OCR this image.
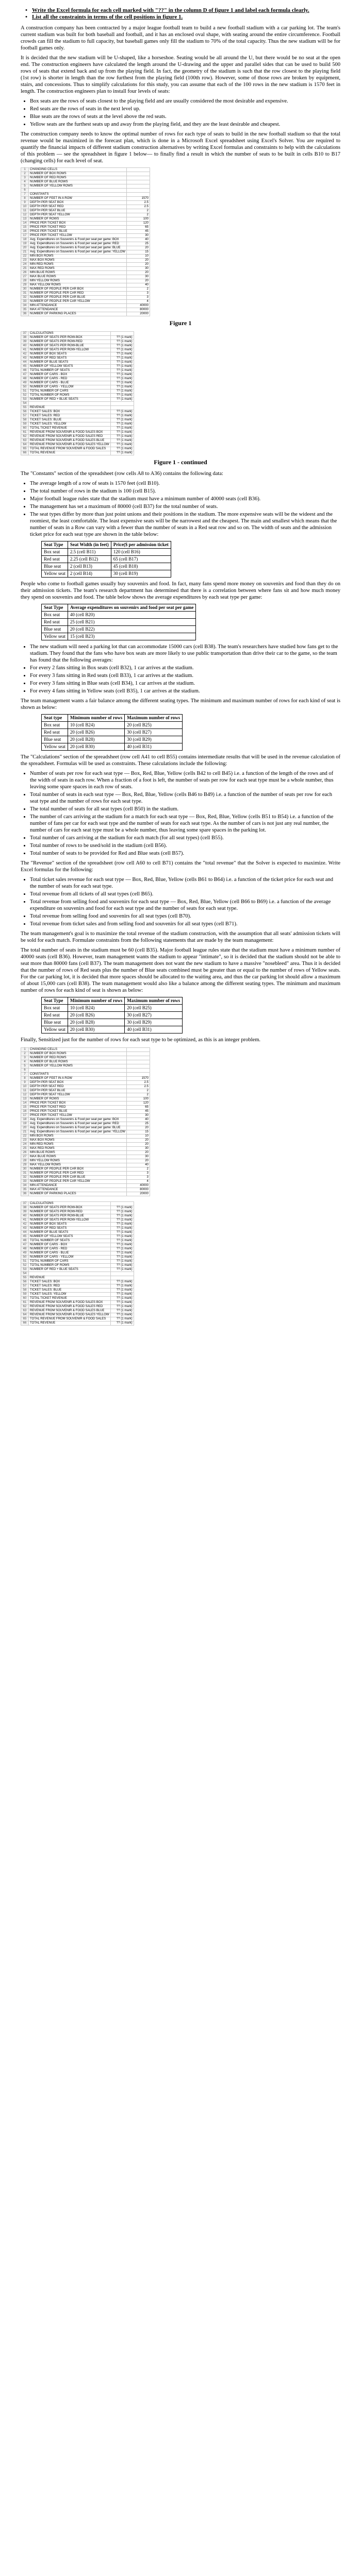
• Write the Excel formula for each cell marked with "??" in the column D of figure 1 and label each formula clearly.
• List all the constraints in terms of the cell positions in figure 1.

A construction company has been contracted by a major league football team to build a new football stadium with a car parking lot. The team's current stadium was built for both baseball and football, and it has an enclosed oval shape, with seating around the entire circumference. Football crowds can fill the stadium to full capacity, but baseball games only fill the stadium to 70% of the total capacity. Thus the new stadium will be for football games only.

It is decided that the new stadium will be U-shaped, like a horseshoe. Seating would be all around the U, but there would be no seat at the open end. The construction engineers have calculated the length around the U-drawing and the upper and parallel sides that can be used to build 500 rows of seats that extend back and up from the playing field. In fact, the geometry of the stadium is such that the row closest to the playing field (1st row) is shorter in length than the row furthest from the playing field (100th row). However, some of those rows are broken by equipment, stairs, and concessions. Thus to simplify calculations for this study, you can assume that each of the 100 rows in the new stadium is 1570 feet in length. The construction engineers plan to install four levels of seats:

• Box seats are the rows of seats closest to the playing field and are usually considered the most desirable and expensive.
• Red seats are the rows of seats in the next level up.
• Blue seats are the rows of seats at the level above the red seats.
• Yellow seats are the furthest seats up and away from the playing field, and they are the least desirable and cheapest.

The construction company needs to know the optimal number of rows for each type of seats to build in the new football stadium so that the total revenue would be maximized in the forecast plan, which is done in a Microsoft Excel spreadsheet using Excel's Solver. You are required to quantify the financial impacts of different stadium construction alternatives by writing Excel formulas and constraints to help with the calculations of this problem — see the spreadsheet in figure 1 below— to finally find a result in which the number of seats to be built in cells B10 to B17 (changing cells) for each level of seat.

1	CHANGING CELLS	
2	NUMBER OF BOX ROWS	
3	NUMBER OF RED ROWS	
4	NUMBER OF BLUE ROWS	
5	NUMBER OF YELLOW ROWS	
6		
7	CONSTANTS	
8	NUMBER OF FEET IN A ROW	1570
9	DEPTH PER SEAT BOX	2.5
10	DEPTH PER SEAT RED	2.5
11	DEPTH PER SEAT BLUE	2
12	DEPTH PER SEAT YELLOW	2
13	NUMBER OF ROWS	100
14	PRICE PER TICKET BOX	120
15	PRICE PER TICKET RED	65
16	PRICE PER TICKET BLUE	45
17	PRICE PER TICKET YELLOW	30
18	Avg. Expenditures on Souvenirs & Food per seat per game: BOX	40
19	Avg. Expenditures on Souvenirs & Food per seat per game: RED	25
20	Avg. Expenditures on Souvenirs & Food per seat per game: BLUE	20
21	Avg. Expenditures on Souvenirs & Food per seat per game: YELLOW	15
22	MIN BOX ROWS	10
23	MAX BOX ROWS	20
24	MIN RED ROWS	20
25	MAX RED ROWS	30
26	MIN BLUE ROWS	20
27	MAX BLUE ROWS	30
28	MIN YELLOW ROWS	20
29	MAX YELLOW ROWS	40
30	NUMBER OF PEOPLE PER CAR BOX	2
31	NUMBER OF PEOPLE PER CAR RED	3
32	NUMBER OF PEOPLE PER CAR BLUE	3
33	NUMBER OF PEOPLE PER CAR YELLOW	4
34	MIN ATTENDANCE	40000
35	MAX ATTENDANCE	80000
36	NUMBER OF PARKING PLACES	20000
Figure 1
37	CALCULATIONS	
38	NUMBER OF SEATS PER ROW-BOX	?? (1 mark)
39	NUMBER OF SEATS PER ROW-RED	?? (1 mark)
40	NUMBER OF SEATS PER ROW-BLUE	?? (1 mark)
41	NUMBER OF SEATS PER ROW-YELLOW	?? (1 mark)
42	NUMBER OF BOX SEATS	?? (1 mark)
43	NUMBER OF RED SEATS	?? (1 mark)
44	NUMBER OF BLUE SEATS	?? (1 mark)
45	NUMBER OF YELLOW SEATS	?? (1 mark)
46	TOTAL NUMBER OF SEATS	?? (1 mark)
47	NUMBER OF CARS - BOX	?? (1 mark)
48	NUMBER OF CARS - RED	?? (1 mark)
49	NUMBER OF CARS - BLUE	?? (1 mark)
50	NUMBER OF CARS - YELLOW	?? (1 mark)
51	TOTAL NUMBER OF CARS	?? (1 mark)
52	TOTAL NUMBER OF ROWS	?? (1 mark)
53	NUMBER OF RED + BLUE SEATS	?? (1 mark)
54		
55	REVENUE	
56	TICKET SALES: BOX	?? (1 mark)
57	TICKET SALES: RED	?? (1 mark)
58	TICKET SALES: BLUE	?? (1 mark)
59	TICKET SALES: YELLOW	?? (1 mark)
60	TOTAL TICKET REVENUE	?? (1 mark)
61	REVENUE FROM SOUVENIR & FOOD SALES BOX	?? (1 mark)
62	REVENUE FROM SOUVENIR & FOOD SALES RED	?? (1 mark)
63	REVENUE FROM SOUVENIR & FOOD SALES BLUE	?? (1 mark)
64	REVENUE FROM SOUVENIR & FOOD SALES YELLOW	?? (1 mark)
65	TOTAL REVENUE FROM SOUVENIR & FOOD SALES	?? (1 mark)
66	TOTAL REVENUE	?? (1 mark)
Figure 1 - continued

The "Constants" section of the spreadsheet (row cells A8 to A36) contains the following data:

• The average length of a row of seats is 1570 feet (cell B10).
• The total number of rows in the stadium is 100 (cell B15).
• Major football league rules state that the stadium must have a minimum number of 40000 seats (cell B36).
• The management has set a maximum of 80000 (cell B37) for the total number of seats.
• The seat types differ by more than just point unions and their positions in the stadium. The more expensive seats will be the wideest and the roomiest, the least comfortable. The least expensive seats will be the narrowest and the cheapest. The main and smallest which means that the number of seats in a Row can vary with a fewer than the number of seats in a Red seat row and so on. The width of seats and the admission ticket price for each seat type are shown in the table below:
Seat Type	Seat Width (in feet)	Price($ per admission ticket
Box seat	2.5 (cell B11)	120 (cell B16)
Red seat	2.25 (cell B12)	65 (cell B17)
Blue seat	2 (cell B13)	45 (cell B18)
Yellow seat	2 (cell B14)	30 (cell B19)

People who come to football games usually buy souvenirs and food. In fact, many fans spend more money on souvenirs and food than they do on their admission tickets. The team's research department has determined that there is a correlation between where fans sit and how much money they spend on souvenirs and food. The table below shows the average expenditures by each seat type per game:

Seat Type	Average expenditures on souvenirs and food per seat per game
Box seat	40 (cell B20)
Red seat	25 (cell B21)
Blue seat	20 (cell B22)
Yellow seat	15 (cell B23)
• The new stadium will need a parking lot that can accommodate 15000 cars (cell B38). The team's researchers have studied how fans get to the stadium. They found that the fans who have box seats are more likely to use public transportation than drive their car to the game, so the team has found that the following averages:
• For every 2 fans sitting in Box seats (cell B32), 1 car arrives at the stadium.
• For every 3 fans sitting in Red seats (cell B33), 1 car arrives at the stadium.
• For every 3 fans sitting in Blue seats (cell B34), 1 car arrives at the stadium.
• For every 4 fans sitting in Yellow seats (cell B35), 1 car arrives at the stadium.

The team management wants a fair balance among the different seating types. The minimum and maximum number of rows for each kind of seat is shown as below:

Seat type	Minimum number of rows	Maximum number of rows
Box seat	10 (cell B24)	20 (cell B25)
Red seat	20 (cell B26)	30 (cell B27)
Blue seat	20 (cell B28)	30 (cell B29)
Yellow seat	20 (cell B30)	40 (cell B31)

The "Calculations" section of the spreadsheet (row cell A41 to cell B55) contains intermediate results that will be used in the revenue calculation of the spreadsheet. Formulas will be used as constraints. These calculations include the following:

• Number of seats per row for each seat type — Box, Red, Blue, Yellow (cells B42 to cell B45) i.e. a function of the length of the rows and of the width of seats in each row. When a fraction of a foot is left, the number of seats per row for each seat type must be a whole number, thus leaving some spare spaces in each row of seats.
• Total number of seats in each seat type — Box, Red, Blue, Yellow (cells B46 to B49) i.e. a function of the number of seats per row for each seat type and the number of rows for each seat type.
• The total number of seats for all seat types (cell B50) in the stadium.
• The number of cars arriving at the stadium for a match for each seat type — Box, Red, Blue, Yellow (cells B51 to B54) i.e. a function of the number of fans per car for each seat type and the number of seats for each seat type. As the number of cars is not just any real number, the number of cars for each seat type must be a whole number, thus leaving some spare spaces in the parking lot.
• Total number of cars arriving at the stadium for each match (for all seat types) (cell B55).
• Total number of rows to be used/sold in the stadium (cell B56).
• Total number of seats to be provided for Red and Blue seats (cell B57).

The "Revenue" section of the spreadsheet (row cell A60 to cell B71) contains the "total revenue" that the Solver is expected to maximize. Write Excel formulas for the following:

• Total ticket sales revenue for each seat type — Box, Red, Blue, Yellow (cells B61 to B64) i.e. a function of the ticket price for each seat and the number of seats for each seat type.
• Total revenue from all tickets of all seat types (cell B65).
• Total revenue from selling food and souvenirs for each seat type — Box, Red, Blue, Yellow (cell B66 to B69) i.e. a function of the average expenditure on souvenirs and food for each seat type and the number of seats for each seat type.
• Total revenue from selling food and souvenirs for all seat types (cell B70).
• Total revenue from ticket sales and from selling food and souvenirs for all seat types (cell B71).

The team management's goal is to maximize the total revenue of the stadium construction, with the assumption that all seats' admission tickets will be sold for each match. Formulate constraints from the following statements that are made by the team management:

The total number of seats in the stadium must be 60 (cell B35). Major football league rules state that the stadium must have a minimum number of 40000 seats (cell B36). However, team management wants the stadium to appear "intimate", so it is decided that the stadium should not be able to seat more than 80000 fans (cell B37). The team management does not want the new stadium to have a massive "nosebleed" area. Thus it is decided that the number of rows of Red seats plus the number of Blue seats combined must be greater than or equal to the number of rows of Yellow seats. For the car parking lot, it is decided that more spaces should be allocated to the waiting area, and thus the car parking lot should allow a maximum of about 15,000 cars (cell B38). The team management would also like a balance among the different seating types. The minimum and maximum number of rows for each kind of seat is shown as below:

Seat Type	Minimum number of rows	Maximum number of rows
Box seat	10 (cell B24)	20 (cell B25)
Red seat	20 (cell B26)	30 (cell B27)
Blue seat	20 (cell B28)	30 (cell B29)
Yellow seat	20 (cell B30)	40 (cell B31)

Finally, Sensitized just for the number of rows for each seat type to be optimized, as this is an integer problem.

1	CHANGING CELLS	
2	NUMBER OF BOX ROWS	
3	NUMBER OF RED ROWS	
4	NUMBER OF BLUE ROWS	
5	NUMBER OF YELLOW ROWS	
6		
7	CONSTANTS	
8	NUMBER OF FEET IN A ROW	1570
9	DEPTH PER SEAT BOX	2.5
10	DEPTH PER SEAT RED	2.5
11	DEPTH PER SEAT BLUE	2
12	DEPTH PER SEAT YELLOW	2
13	NUMBER OF ROWS	100
14	PRICE PER TICKET BOX	120
15	PRICE PER TICKET RED	65
16	PRICE PER TICKET BLUE	45
17	PRICE PER TICKET YELLOW	30
18	Avg. Expenditures on Souvenirs & Food per seat per game: BOX	40
19	Avg. Expenditures on Souvenirs & Food per seat per game: RED	25
20	Avg. Expenditures on Souvenirs & Food per seat per game: BLUE	20
21	Avg. Expenditures on Souvenirs & Food per seat per game: YELLOW	15
22	MIN BOX ROWS	10
23	MAX BOX ROWS	20
24	MIN RED ROWS	20
25	MAX RED ROWS	30
26	MIN BLUE ROWS	20
27	MAX BLUE ROWS	30
28	MIN YELLOW ROWS	20
29	MAX YELLOW ROWS	40
30	NUMBER OF PEOPLE PER CAR BOX	2
31	NUMBER OF PEOPLE PER CAR RED	3
32	NUMBER OF PEOPLE PER CAR BLUE	3
33	NUMBER OF PEOPLE PER CAR YELLOW	4
34	MIN ATTENDANCE	40000
35	MAX ATTENDANCE	80000
36	NUMBER OF PARKING PLACES	20000
37	CALCULATIONS	
38	NUMBER OF SEATS PER ROW-BOX	?? (1 mark)
39	NUMBER OF SEATS PER ROW-RED	?? (1 mark)
40	NUMBER OF SEATS PER ROW-BLUE	?? (1 mark)
41	NUMBER OF SEATS PER ROW-YELLOW	?? (1 mark)
42	NUMBER OF BOX SEATS	?? (1 mark)
43	NUMBER OF RED SEATS	?? (1 mark)
44	NUMBER OF BLUE SEATS	?? (1 mark)
45	NUMBER OF YELLOW SEATS	?? (1 mark)
46	TOTAL NUMBER OF SEATS	?? (1 mark)
47	NUMBER OF CARS - BOX	?? (1 mark)
48	NUMBER OF CARS - RED	?? (1 mark)
49	NUMBER OF CARS - BLUE	?? (1 mark)
50	NUMBER OF CARS - YELLOW	?? (1 mark)
51	TOTAL NUMBER OF CARS	?? (1 mark)
52	TOTAL NUMBER OF ROWS	?? (1 mark)
53	NUMBER OF RED + BLUE SEATS	?? (1 mark)
54		
55	REVENUE	
56	TICKET SALES: BOX	?? (1 mark)
57	TICKET SALES: RED	?? (1 mark)
58	TICKET SALES: BLUE	?? (1 mark)
59	TICKET SALES: YELLOW	?? (1 mark)
60	TOTAL TICKET REVENUE	?? (1 mark)
61	REVENUE FROM SOUVENIR & FOOD SALES BOX	?? (1 mark)
62	REVENUE FROM SOUVENIR & FOOD SALES RED	?? (1 mark)
63	REVENUE FROM SOUVENIR & FOOD SALES BLUE	?? (1 mark)
64	REVENUE FROM SOUVENIR & FOOD SALES YELLOW	?? (1 mark)
65	TOTAL REVENUE FROM SOUVENIR & FOOD SALES	?? (1 mark)
66	TOTAL REVENUE	?? (1 mark)
